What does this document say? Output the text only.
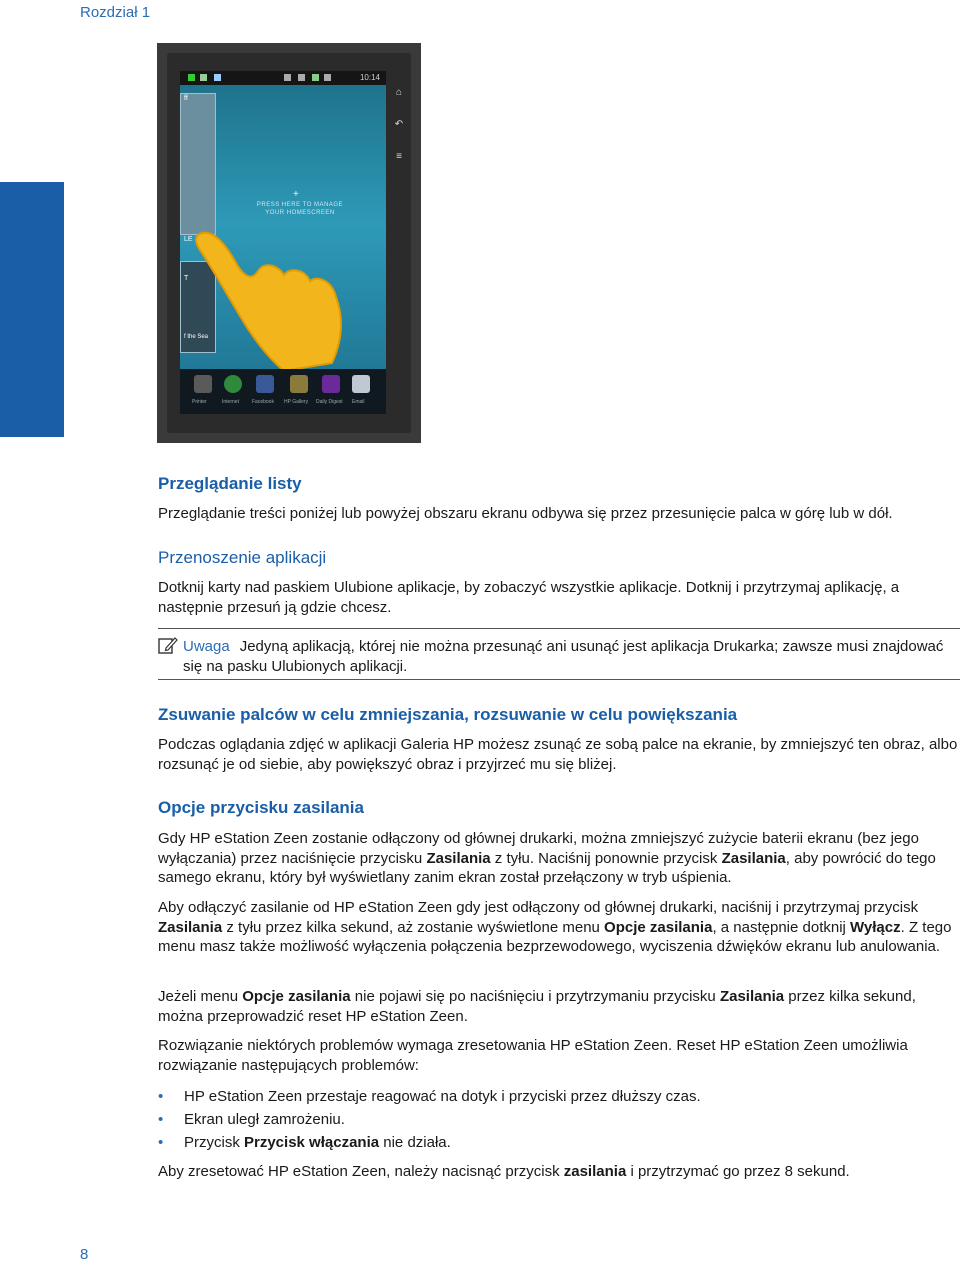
Rozdział 1
10:14
ff
LE
T
f the Sea
+
PRESS HERE TO MANAGE
YOUR HOMESCREEN
Printer	Internet	Facebook HP Gallery Daily Digest Email
⌂
↶
≡
Przeglądanie listy

Przeglądanie treści poniżej lub powyżej obszaru ekranu odbywa się przez przesunięcie palca w górę lub w dół.

Przenoszenie aplikacji

Dotknij karty nad paskiem Ulubione aplikacje, by zobaczyć wszystkie aplikacje. Dotknij i przytrzymaj aplikację, a następnie przesuń ją gdzie chcesz.

Uwaga Jedyną aplikacją, której nie można przesunąć ani usunąć jest aplikacja Drukarka; zawsze musi znajdować się na pasku Ulubionych aplikacji.

Zsuwanie palców w celu zmniejszania, rozsuwanie w celu powiększania

Podczas oglądania zdjęć w aplikacji Galeria HP możesz zsunąć ze sobą palce na ekranie, by zmniejszyć ten obraz, albo rozsunąć je od siebie, aby powiększyć obraz i przyjrzeć mu się bliżej.

Opcje przycisku zasilania

Gdy HP eStation Zeen zostanie odłączony od głównej drukarki, można zmniejszyć zużycie baterii ekranu (bez jego wyłączania) przez naciśnięcie przycisku Zasilania z tyłu. Naciśnij ponownie przycisk Zasilania, aby powrócić do tego samego ekranu, który był wyświetlany zanim ekran został przełączony w tryb uśpienia.

Aby odłączyć zasilanie od HP eStation Zeen gdy jest odłączony od głównej drukarki, naciśnij i przytrzymaj przycisk Zasilania z tyłu przez kilka sekund, aż zostanie wyświetlone menu Opcje zasilania, a następnie dotknij Wyłącz. Z tego menu masz także możliwość wyłączenia połączenia bezprzewodowego, wyciszenia dźwięków ekranu lub anulowania.

Jeżeli menu Opcje zasilania nie pojawi się po naciśnięciu i przytrzymaniu przycisku Zasilania przez kilka sekund, można przeprowadzić reset HP eStation Zeen.

Rozwiązanie niektórych problemów wymaga zresetowania HP eStation Zeen. Reset HP eStation Zeen umożliwia rozwiązanie następujących problemów:

• HP eStation Zeen przestaje reagować na dotyk i przyciski przez dłuższy czas.
• Ekran uległ zamrożeniu.
• Przycisk Przycisk włączania nie działa.

Aby zresetować HP eStation Zeen, należy nacisnąć przycisk zasilania i przytrzymać go przez 8 sekund.

8
